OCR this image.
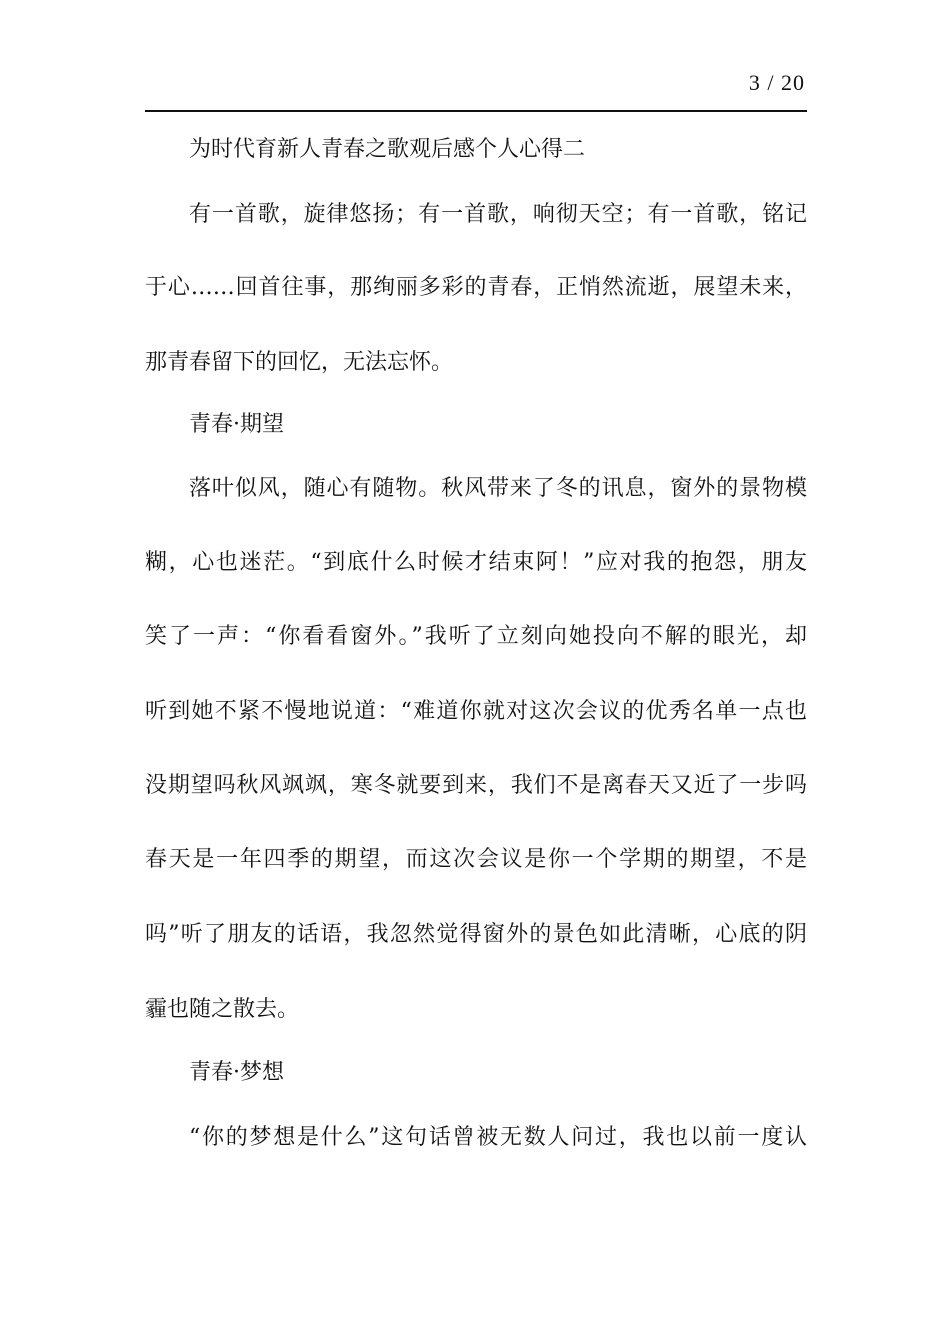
3 / 20
为时代育新人青春之歌观后感个人心得二
有一首歌，旋律悠扬；有一首歌，响彻天空；有一首歌，铭记
于心……回首往事，那绚丽多彩的青春，正悄然流逝，展望未来，
那青春留下的回忆，无法忘怀。
青春·期望
落叶似风，随心有随物。秋风带来了冬的讯息，窗外的景物模
糊，心也迷茫。“到底什么时候才结束阿！”应对我的抱怨，朋友
笑了一声：“你看看窗外。”我听了立刻向她投向不解的眼光，却
听到她不紧不慢地说道：“难道你就对这次会议的优秀名单一点也
没期望吗秋风飒飒，寒冬就要到来，我们不是离春天又近了一步吗
春天是一年四季的期望，而这次会议是你一个学期的期望，不是
吗”听了朋友的话语，我忽然觉得窗外的景色如此清晰，心底的阴
霾也随之散去。
青春·梦想
“你的梦想是什么”这句话曾被无数人问过，我也以前一度认
